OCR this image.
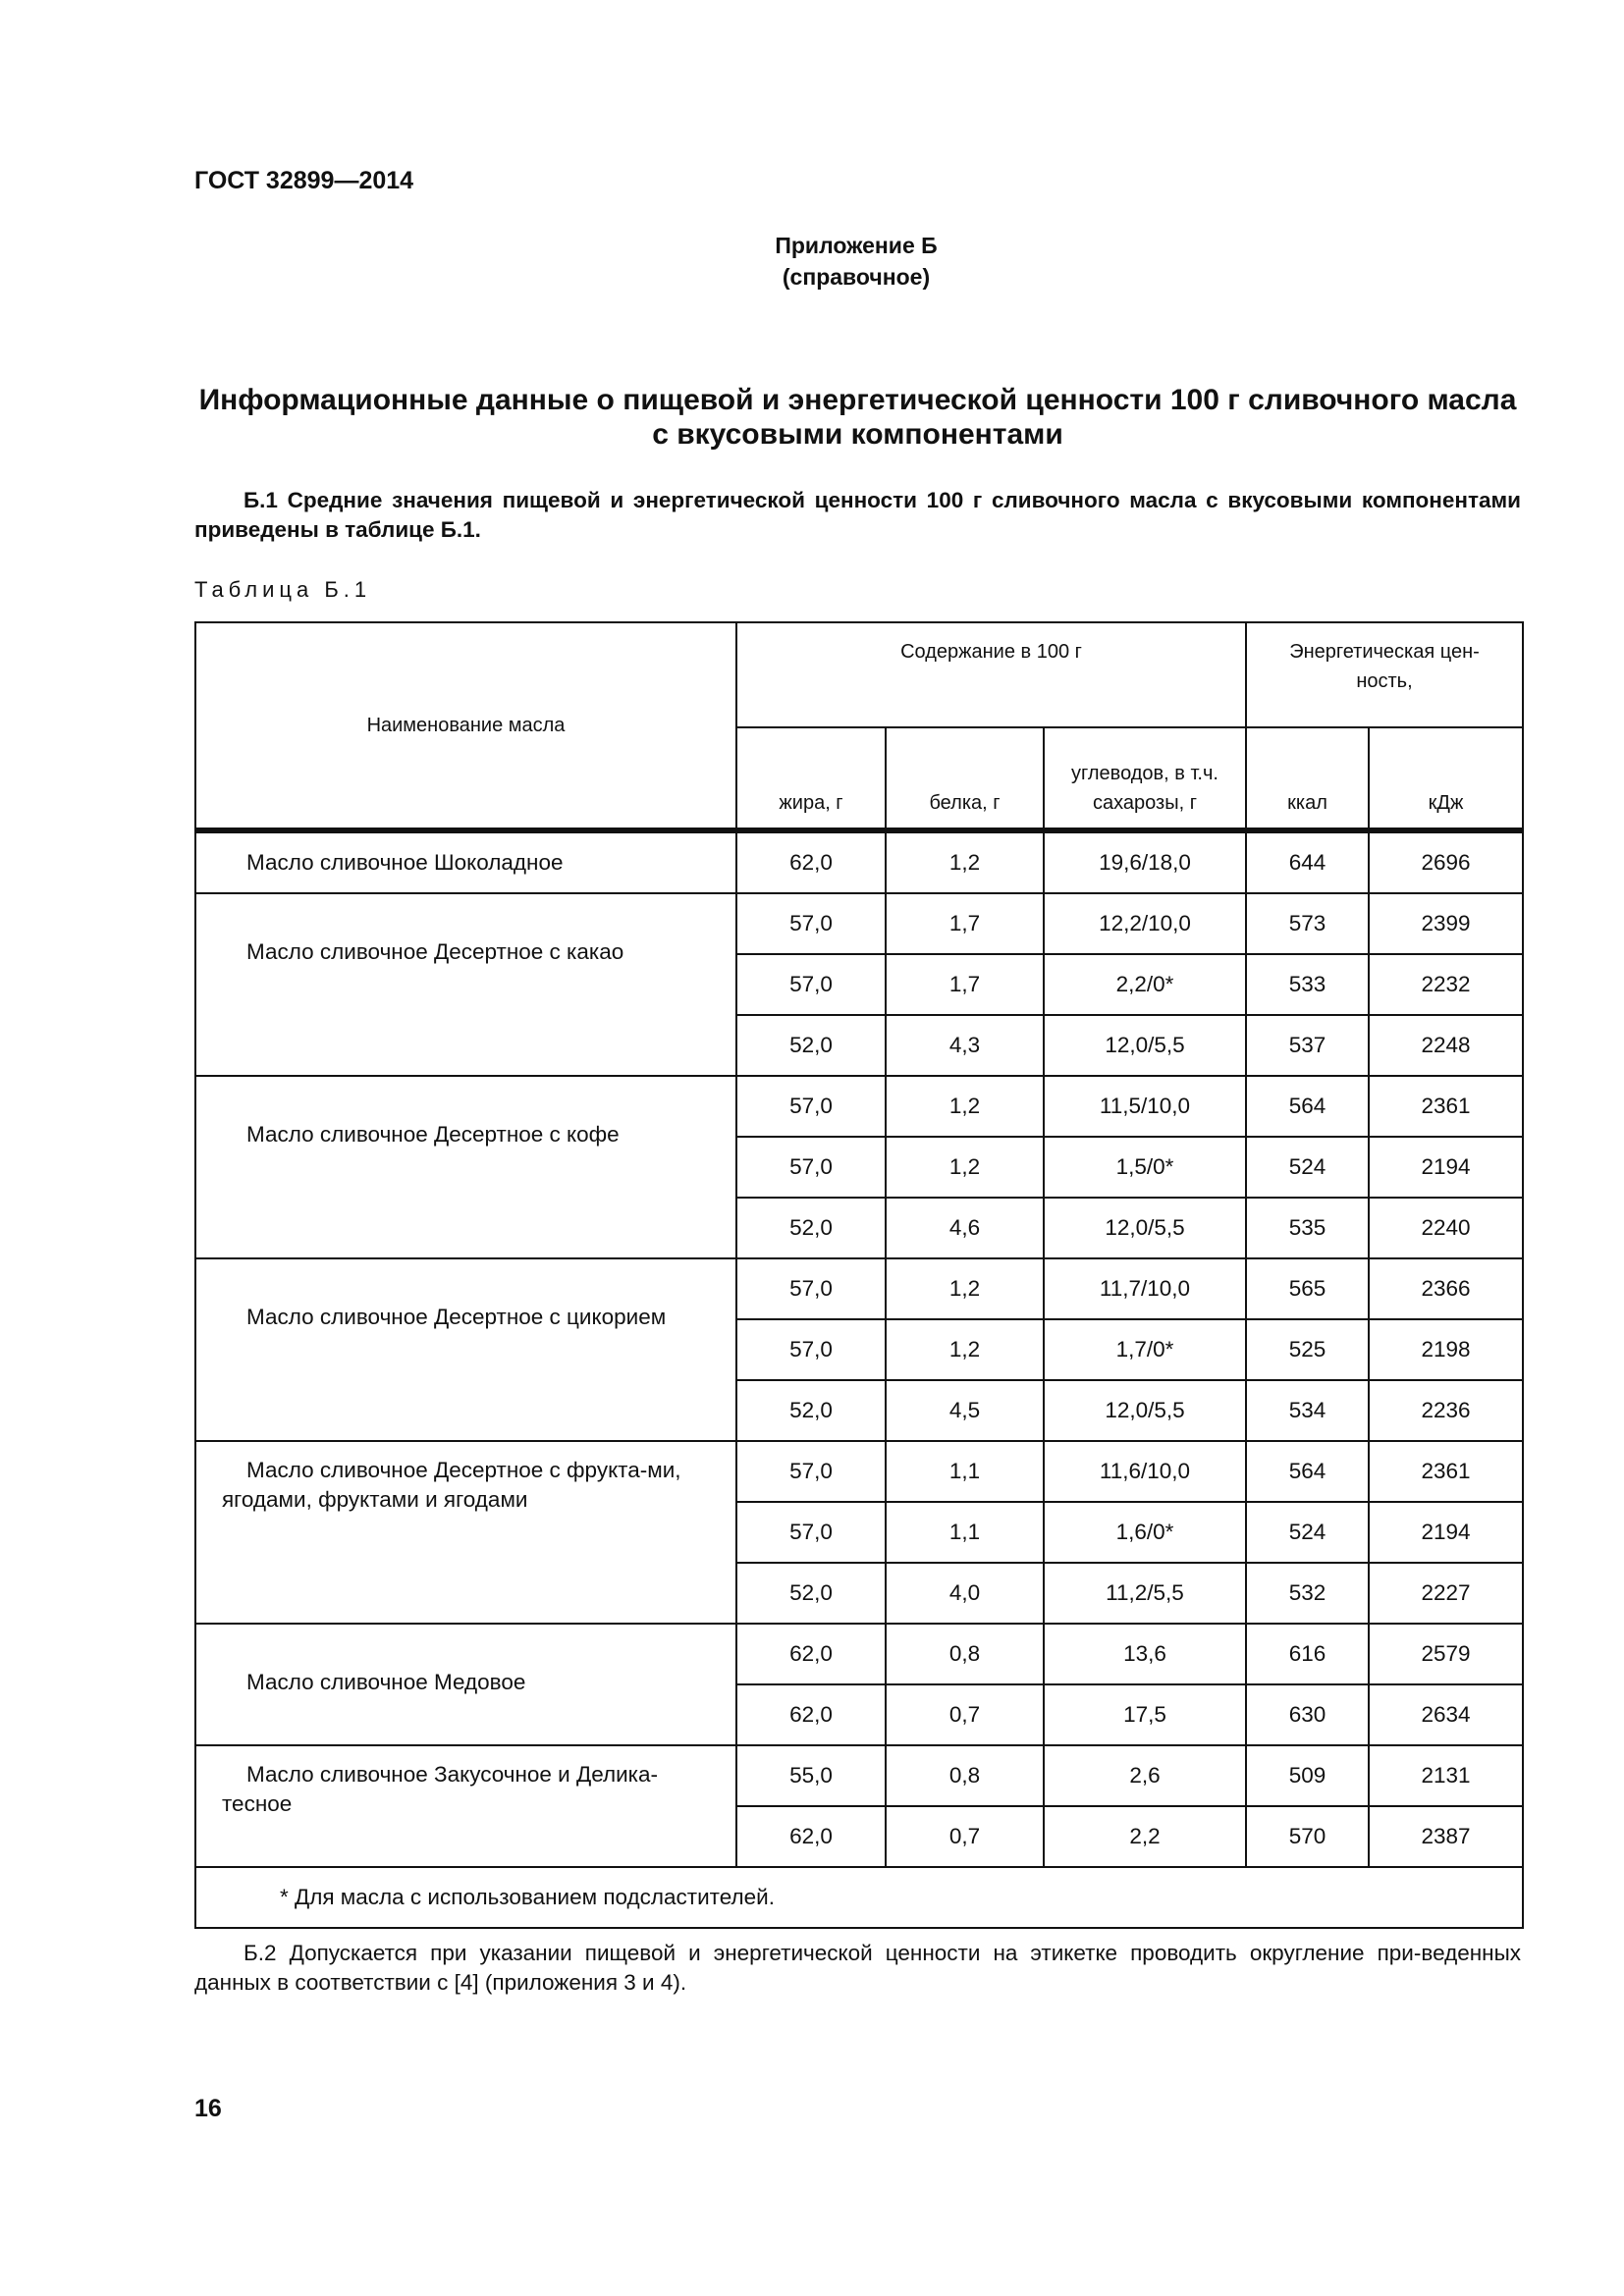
ГОСТ 32899—2014
Приложение Б
(справочное)
Информационные данные о пищевой и энергетической ценности 100 г сливочного масла с вкусовыми компонентами
Б.1 Средние значения пищевой и энергетической ценности 100 г сливочного масла с вкусовыми компонентами приведены в таблице Б.1.
Таблица Б.1
Наименование масла	Содержание в 100 г			Энергетическая цен-ность,	
	жира, г	белка, г	углеводов, в т.ч. сахарозы, г	ккал	кДж
Масло сливочное Шоколадное	62,0	1,2	19,6/18,0	644	2696
Масло сливочное Десертное с какао	57,0	1,7	12,2/10,0	573	2399
	57,0	1,7	2,2/0*	533	2232
	52,0	4,3	12,0/5,5	537	2248
Масло сливочное Десертное с кофе	57,0	1,2	11,5/10,0	564	2361
	57,0	1,2	1,5/0*	524	2194
	52,0	4,6	12,0/5,5	535	2240
Масло сливочное Десертное с цикорием	57,0	1,2	11,7/10,0	565	2366
	57,0	1,2	1,7/0*	525	2198
	52,0	4,5	12,0/5,5	534	2236
Масло сливочное Десертное с фрукта-ми, ягодами, фруктами и ягодами	57,0	1,1	11,6/10,0	564	2361
	57,0	1,1	1,6/0*	524	2194
	52,0	4,0	11,2/5,5	532	2227
Масло сливочное Медовое	62,0	0,8	13,6	616	2579
	62,0	0,7	17,5	630	2634
Масло сливочное Закусочное и Делика-тесное	55,0	0,8	2,6	509	2131
	62,0	0,7	2,2	570	2387
* Для масла с использованием подсластителей.					
Б.2 Допускается при указании пищевой и энергетической ценности на этикетке проводить округление при-веденных данных в соответствии с [4] (приложения 3 и 4).
16
